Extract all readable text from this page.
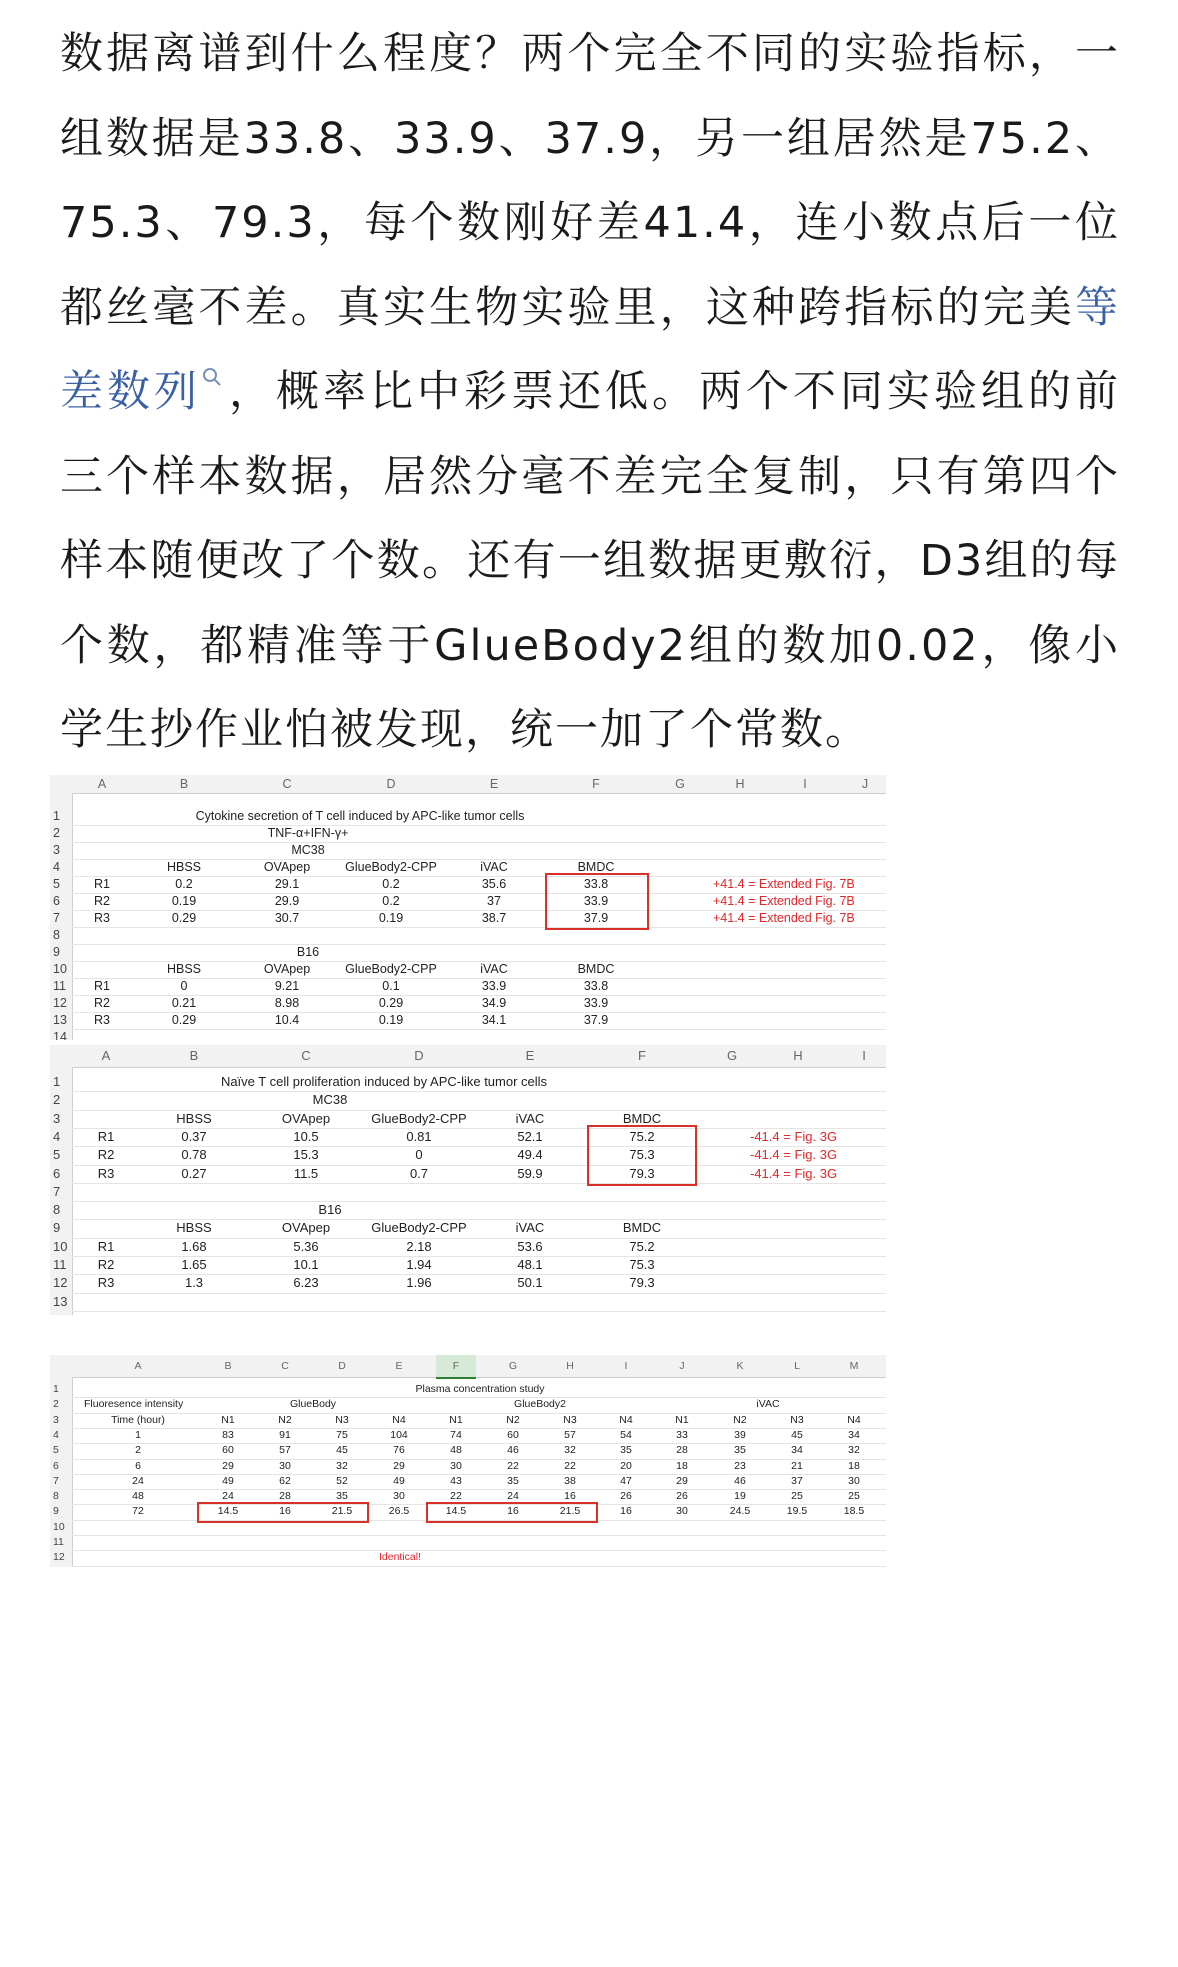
数据离谱到什么程度？两个完全不同的实验指标，一组数据是33.8、33.9、37.9，另一组居然是75.2、75.3、79.3，每个数刚好差41.4，连小数点后一位都丝毫不差。真实生物实验里，这种跨指标的完美等差数列 ，概率比中彩票还低。两个不同实验组的前三个样本数据，居然分毫不差完全复制，只有第四个样本随便改了个数。还有一组数据更敷衍，D3组的每个数，都精准等于GlueBody2组的数加0.02，像小学生抄作业怕被发现，统一加了个常数。

A	B	C	D	E	F	G	H	I	J
1
2
3
4
5
6
7
8
9
10
11
12
13
14
Cytokine secretion of T cell induced by APC-like tumor cells
TNF-α+IFN-γ+
MC38
HBSS	OVApep	GlueBody2-CPP	iVAC	BMDC
R1	0.2	29.1	0.2	35.6	33.8	+41.4 = Extended Fig. 7B
R2	0.19	29.9	0.2	37	33.9	+41.4 = Extended Fig. 7B
R3	0.29	30.7	0.19	38.7	37.9	+41.4 = Extended Fig. 7B
B16
HBSS	OVApep	GlueBody2-CPP	iVAC	BMDC
R1	0	9.21	0.1	33.9	33.8
R2	0.21	8.98	0.29	34.9	33.9
R3	0.29	10.4	0.19	34.1	37.9
A	B	C	D	E	F	G	H	I
1
2
3
4
5
6
7
8
9
10
11
12
13
Naïve T cell proliferation induced by APC-like tumor cells
MC38
HBSS	OVApep	GlueBody2-CPP	iVAC	BMDC
R1	0.37	10.5	0.81	52.1	75.2	-41.4 = Fig. 3G
R2	0.78	15.3	0	49.4	75.3	-41.4 = Fig. 3G
R3	0.27	11.5	0.7	59.9	79.3	-41.4 = Fig. 3G
B16
HBSS	OVApep	GlueBody2-CPP	iVAC	BMDC
R1	1.68	5.36	2.18	53.6	75.2
R2	1.65	10.1	1.94	48.1	75.3
R3	1.3	6.23	1.96	50.1	79.3
A	B	C	D	E	F	G	H	I	J	K	L	M
1
2
3
4
5
6
7
8
9
10
11
12
Plasma concentration study
Fluoresence intensity	GlueBody	GlueBody2	iVAC
Time (hour)	N1	N2	N3	N4	N1	N2	N3	N4	N1	N2	N3	N4
1	83	91	75	104	74	60	57	54	33	39	45	34
2	60	57	45	76	48	46	32	35	28	35	34	32
6	29	30	32	29	30	22	22	20	18	23	21	18
24	49	62	52	49	43	35	38	47	29	46	37	30
48	24	28	35	30	22	24	16	26	26	19	25	25
72	14.5	16	21.5	26.5	14.5	16	21.5	16	30	24.5	19.5	18.5
Identical!
